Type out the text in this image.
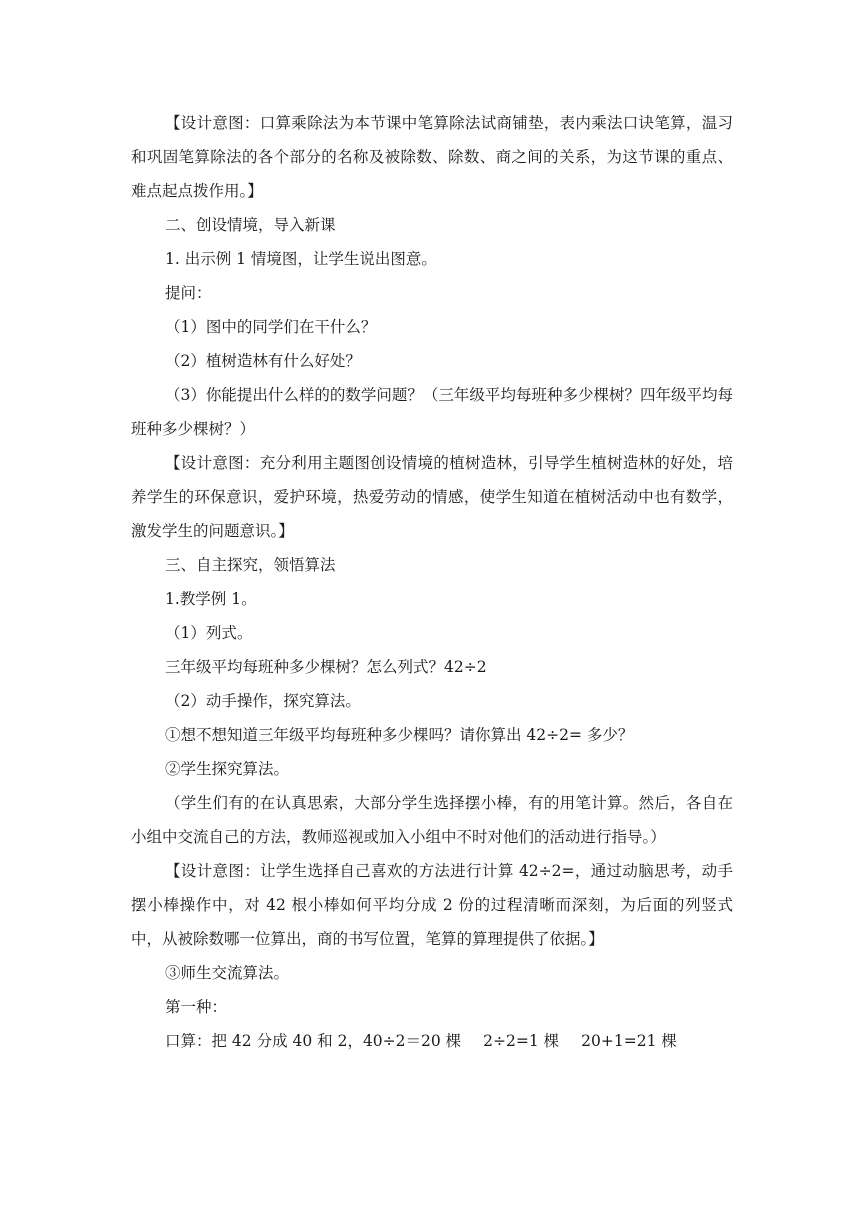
【设计意图：口算乘除法为本节课中笔算除法试商铺垫，表内乘法口诀笔算，温习和巩固笔算除法的各个部分的名称及被除数、除数、商之间的关系，为这节课的重点、难点起点拨作用。】

二、创设情境，导入新课

1. 出示例 1 情境图，让学生说出图意。

提问：

（1）图中的同学们在干什么？

（2）植树造林有什么好处？

（3）你能提出什么样的的数学问题？（三年级平均每班种多少棵树？四年级平均每班种多少棵树？）

【设计意图：充分利用主题图创设情境的植树造林，引导学生植树造林的好处，培养学生的环保意识，爱护环境，热爱劳动的情感，使学生知道在植树活动中也有数学，激发学生的问题意识。】

三、自主探究，领悟算法

1.教学例 1。

（1）列式。

三年级平均每班种多少棵树？怎么列式？42÷2

（2）动手操作，探究算法。

①想不想知道三年级平均每班种多少棵吗？请你算出 42÷2= 多少？

②学生探究算法。

（学生们有的在认真思索，大部分学生选择摆小棒，有的用笔计算。然后，各自在小组中交流自己的方法，教师巡视或加入小组中不时对他们的活动进行指导。）

【设计意图：让学生选择自己喜欢的方法进行计算 42÷2=，通过动脑思考，动手摆小棒操作中，对 42 根小棒如何平均分成 2 份的过程清晰而深刻，为后面的列竖式中，从被除数哪一位算出，商的书写位置，笔算的算理提供了依据。】

③师生交流算法。

第一种：

口算：把 42 分成 40 和 2，40÷2＝20 棵 2÷2=1 棵 20+1=21 棵
